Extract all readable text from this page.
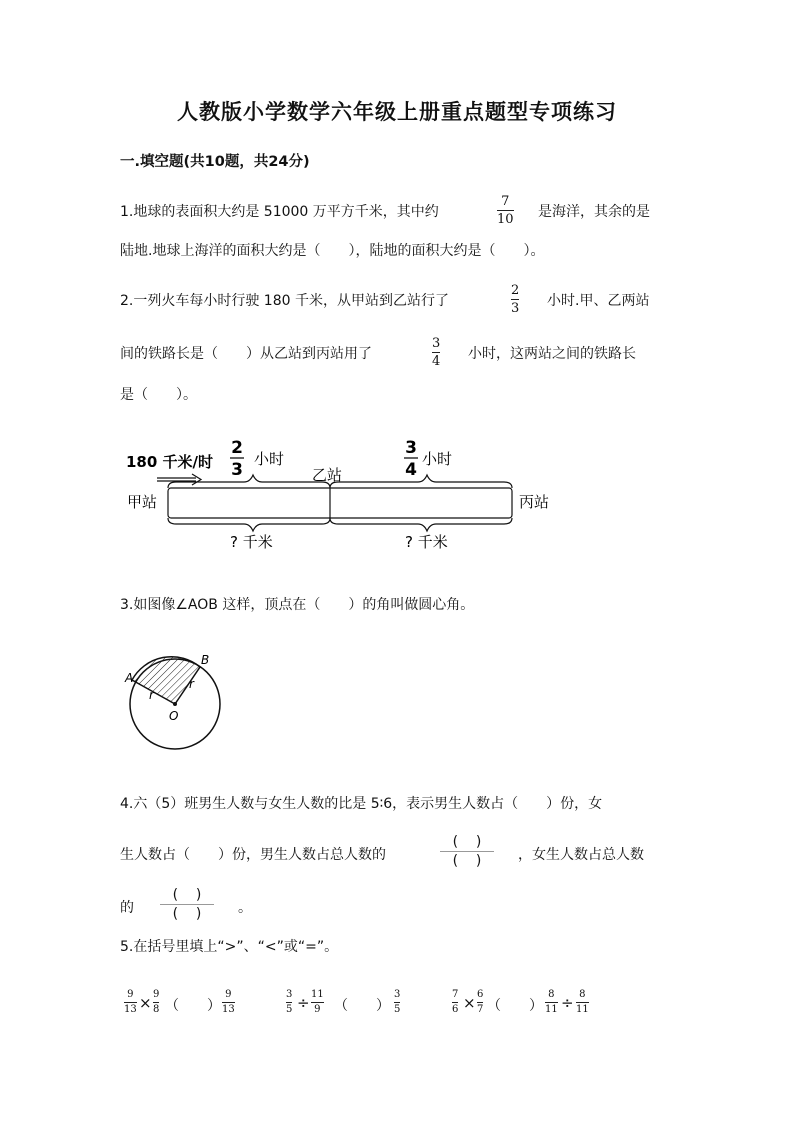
人教版小学数学六年级上册重点题型专项练习
一.填空题(共10题，共24分)
1.地球的表面积大约是 51000 万平方千米，其中约
7
10 是海洋，其余的是
陆地.地球上海洋的面积大约是（　　），陆地的面积大约是（　　）。
2.一列火车每小时行驶 180 千米，从甲站到乙站行了
2
3 小时.甲、乙两站
间的铁路长是（　　）从乙站到丙站用了
3
4 小时，这两站之间的铁路长
是（　　）。
180 千米/时
2
3
小时
3
4
小时
乙站
甲站	丙站
? 千米	? 千米
3.如图像∠AOB 这样，顶点在（　　）的角叫做圆心角。
A
B
O
r
r
4.六（5）班男生人数与女生人数的比是 5∶6，表示男生人数占（　　）份，女
生人数占（　　）份，男生人数占总人数的
(    )
(    )	，女生人数占总人数
的
(    )
(    )	。
5.在括号里填上“>”、“<”或“=”。
9
13 × 9
8 （　　）
9
13
3
5 ÷ 11
9 （　　）
3
5
7
6 × 6
7 （　　）
8
11 ÷ 8
11
